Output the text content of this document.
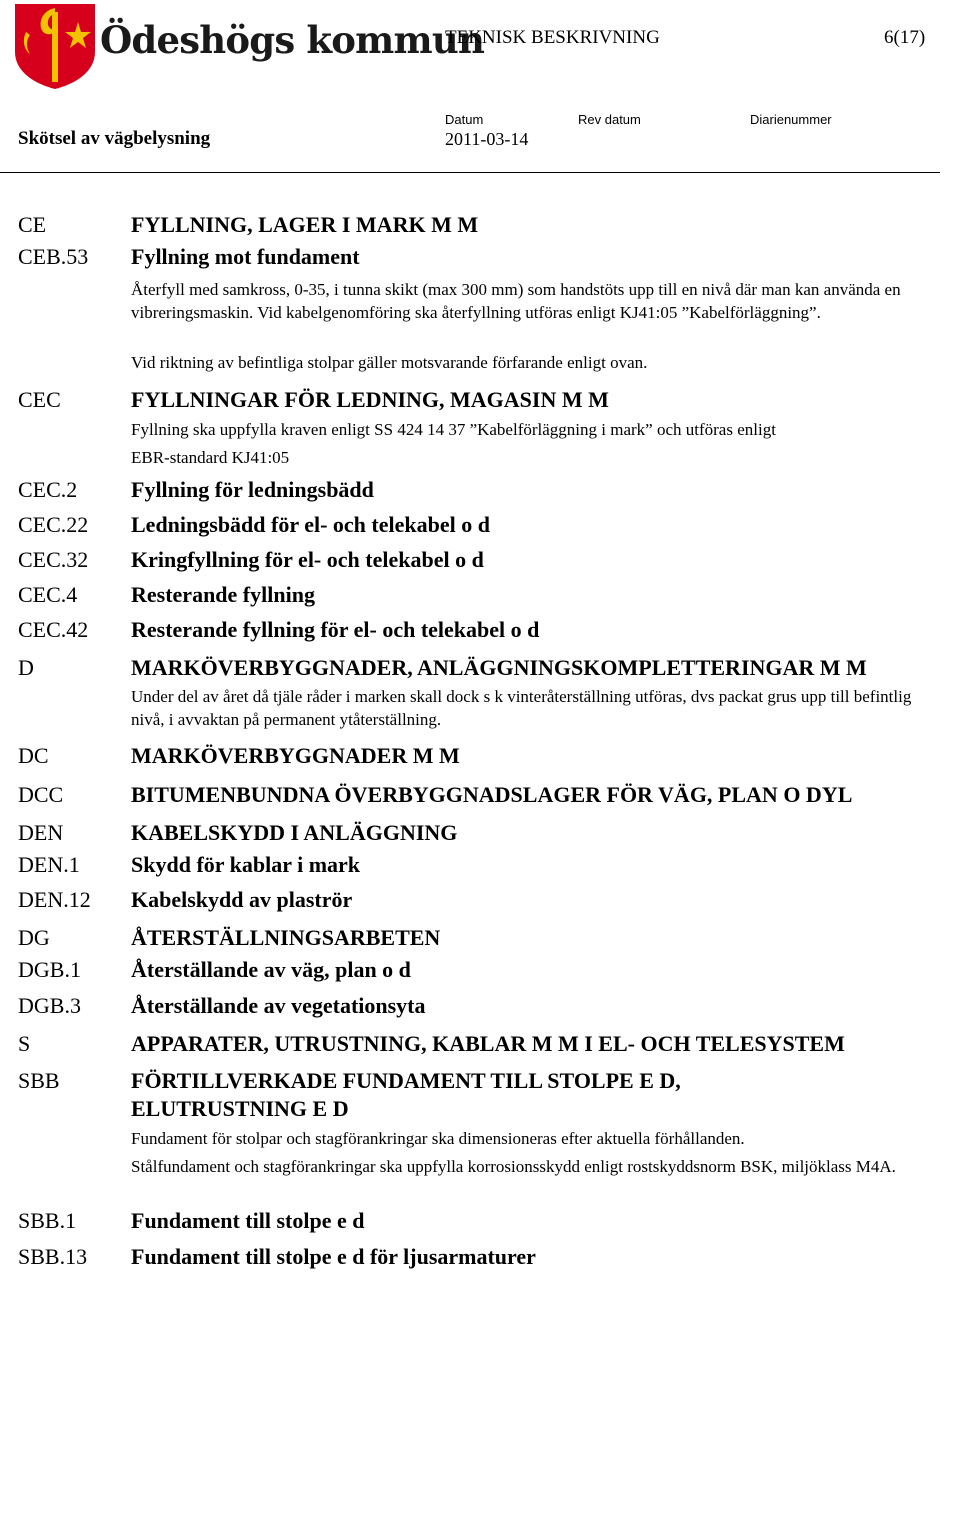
Ödeshögs kommun
TEKNISK BESKRIVNING	6(17)
Skötsel av vägbelysning
Datum
2011-03-14
Rev datum	Diarienummer
CE	FYLLNING, LAGER I MARK M M
CEB.53 Fyllning mot fundament
Återfyll med samkross, 0-35, i tunna skikt (max 300 mm) som handstöts upp till en nivå där man kan använda en vibreringsmaskin. Vid kabelgenomföring ska återfyllning utföras enligt KJ41:05 ”Kabelförläggning”.
Vid riktning av befintliga stolpar gäller motsvarande förfarande enligt ovan.
CEC	FYLLNINGAR FÖR LEDNING, MAGASIN M M
Fyllning ska uppfylla kraven enligt SS 424 14 37 ”Kabelförläggning i mark” och utföras enligt
EBR-standard KJ41:05
CEC.2 Fyllning för ledningsbädd
CEC.22 Ledningsbädd för el- och telekabel o d
CEC.32 Kringfyllning för el- och telekabel o d
CEC.4 Resterande fyllning
CEC.42 Resterande fyllning för el- och telekabel o d
D	MARKÖVERBYGGNADER, ANLÄGGNINGSKOMPLETTERINGAR M M
Under del av året då tjäle råder i marken skall dock s k vinteråterställning utföras, dvs packat grus upp till befintlig nivå, i avvaktan på permanent ytåterställning.
DC	MARKÖVERBYGGNADER M M
DCC	BITUMENBUNDNA ÖVERBYGGNADSLAGER FÖR VÄG, PLAN O DYL
DEN	KABELSKYDD I ANLÄGGNING
DEN.1 Skydd för kablar i mark
DEN.12 Kabelskydd av plaströr
DG	ÅTERSTÄLLNINGSARBETEN
DGB.1 Återställande av väg, plan o d
DGB.3 Återställande av vegetationsyta
S	APPARATER, UTRUSTNING, KABLAR M M I EL- OCH TELESYSTEM
SBB	FÖRTILLVERKADE FUNDAMENT TILL STOLPE E D,
ELUTRUSTNING E D
Fundament för stolpar och stagförankringar ska dimensioneras efter aktuella förhållanden.
Stålfundament och stagförankringar ska uppfylla korrosionsskydd enligt rostskyddsnorm BSK, miljöklass M4A.
SBB.1 Fundament till stolpe e d
SBB.13 Fundament till stolpe e d för ljusarmaturer
